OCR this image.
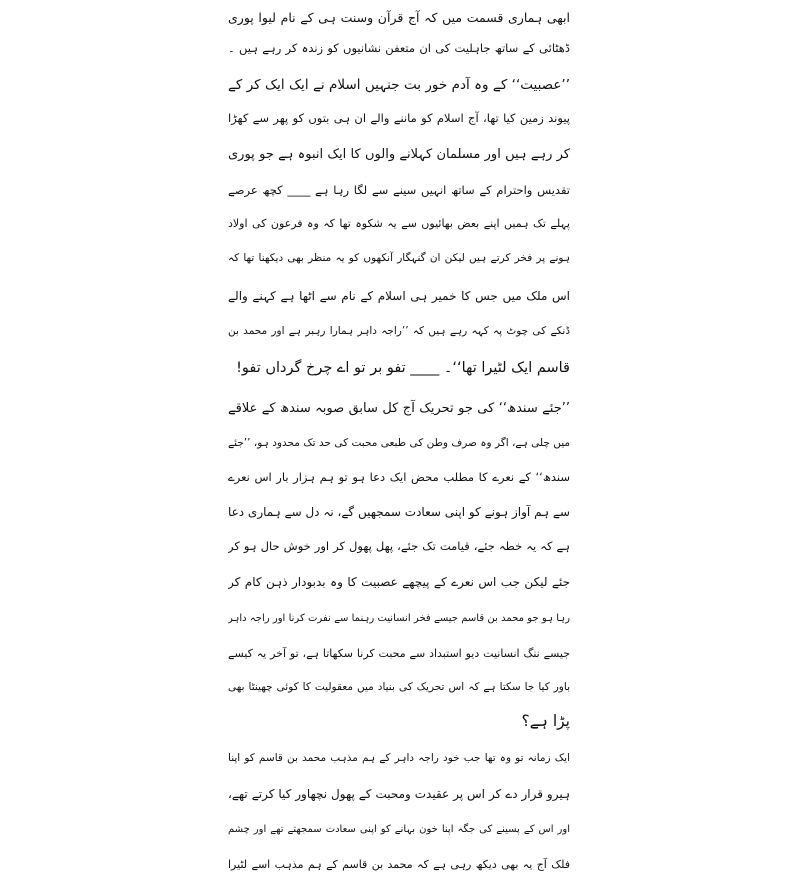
ابھی ہماری قسمت میں کہ آج قرآن وسنت ہی کے نام لیوا پوری
ڈھٹائی کے ساتھ جاہلیت کی ان متعفن نشانیوں کو زندہ کر رہے ہیں ۔
’’عصبیت‘‘ کے وہ آدم خور بت جنہیں اسلام نے ایک ایک کر کے
پیوند زمین کیا تھا، آج اسلام کو ماننے والے ان ہی بتوں کو پھر سے کھڑا
کر رہے ہیں اور مسلمان کہلانے والوں کا ایک انبوہ ہے جو پوری
تقدیس واحترام کے ساتھ انہیں سینے سے لگا رہا ہے ____ کچھ عرصے
پہلے تک ہمیں اپنے بعض بھائیوں سے یہ شکوہ تھا کہ وہ فرعون کی اولاد
ہونے پر فخر کرتے ہیں لیکن ان گنہگار آنکھوں کو یہ منظر بھی دیکھنا تھا کہ
اس ملک میں جس کا خمیر ہی اسلام کے نام سے اٹھا ہے کہنے والے
ڈنکے کی چوٹ پہ کہہ رہے ہیں کہ ’’راجہ داہر ہمارا رہبر ہے اور محمد بن
قاسم ایک لٹیرا تھا‘‘۔ ____ تفو بر تو اے چرخ گرداں تفو!
’’جئے سندھ‘‘ کی جو تحریک آج کل سابق صوبہ سندھ کے علاقے
میں چلی ہے، اگر وہ صرف وطن کی طبعی محبت کی حد تک محدود ہو، ’’جئے
سندھ‘‘ کے نعرے کا مطلب محض ایک دعا ہو تو ہم ہزار بار اس نعرے
سے ہم آواز ہونے کو اپنی سعادت سمجھیں گے، نہ دل سے ہماری دعا
ہے کہ یہ خطہ جئے، قیامت تک جئے، پھل پھول کر اور خوش حال ہو کر
جئے لیکن جب اس نعرے کے پیچھے عصبیت کا وہ بدبودار ذہن کام کر
رہا ہو جو محمد بن قاسم جیسے فخر انسانیت رہنما سے نفرت کرنا اور راجہ داہر
جیسے ننگ انسانیت دیو استبداد سے محبت کرنا سکھاتا ہے، تو آخر یہ کیسے
باور کیا جا سکتا ہے کہ اس تحریک کی بنیاد میں معقولیت کا کوئی چھینٹا بھی
پڑا ہے؟
ایک زمانہ تو وہ تھا جب خود راجہ داہر کے ہم مذہب محمد بن قاسم کو اپنا
ہیرو قرار دے کر اس پر عقیدت ومحبت کے پھول نچھاور کیا کرتے تھے،
اور اس کے پسینے کی جگہ اپنا خون بہانے کو اپنی سعادت سمجھتے تھے اور چشم
فلک آج یہ بھی دیکھ رہی ہے کہ محمد بن قاسم کے ہم مذہب اسے لٹیرا
